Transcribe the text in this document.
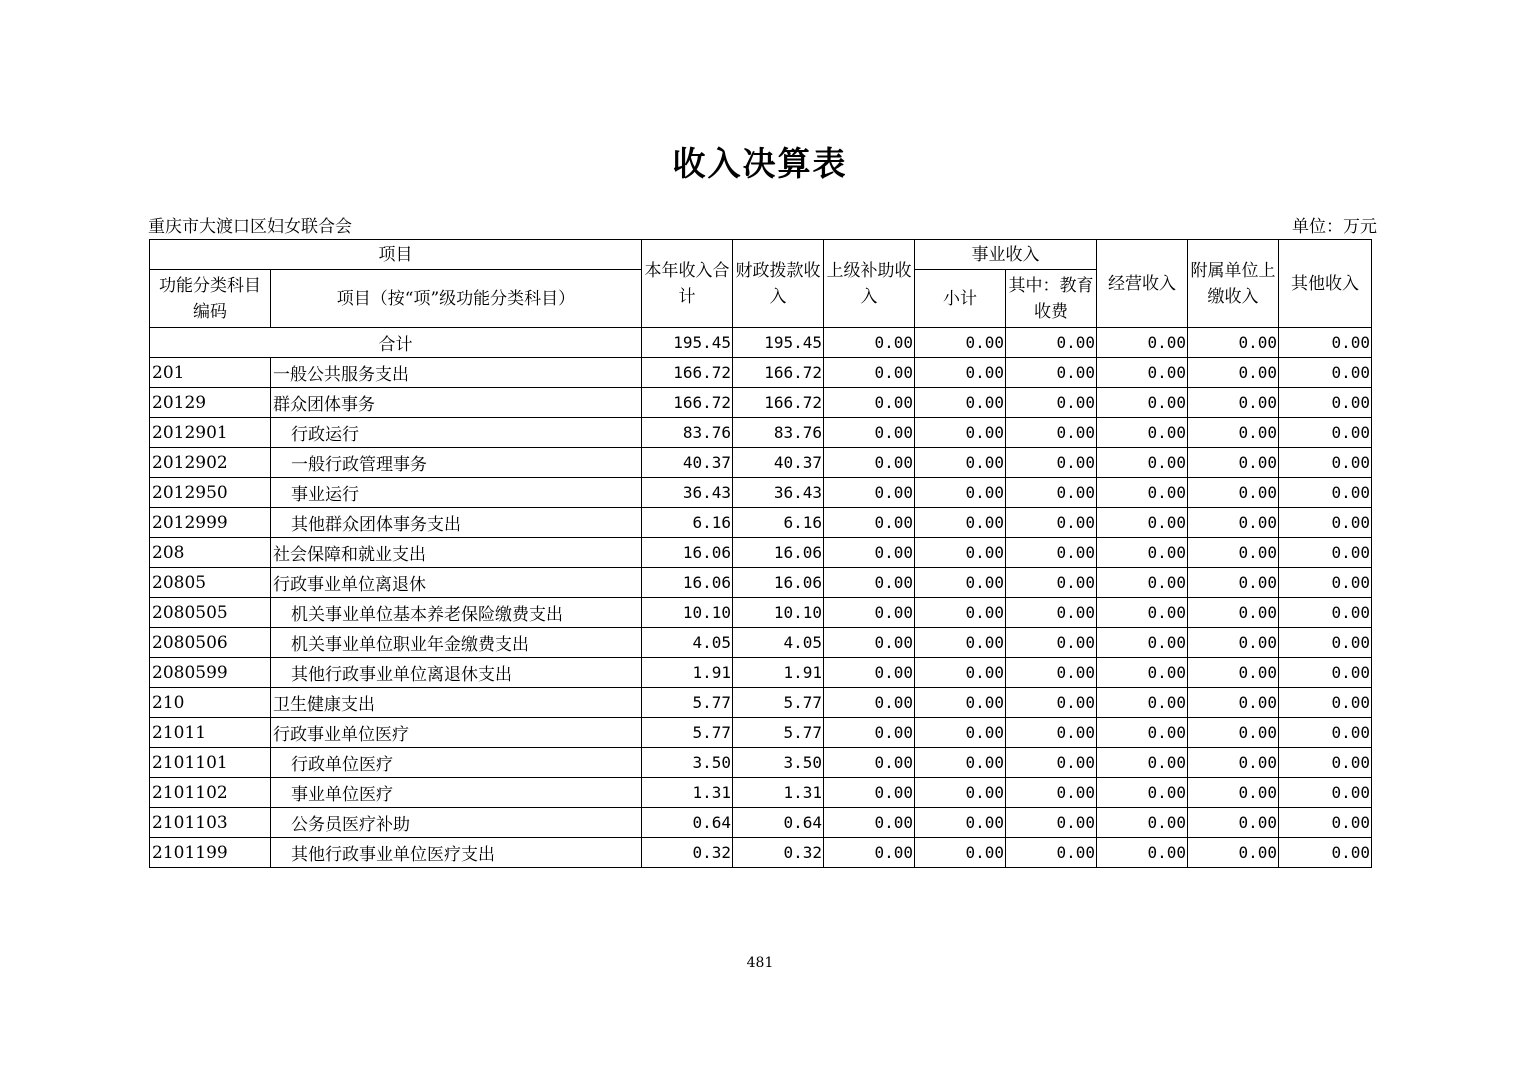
收入决算表
重庆市大渡口区妇女联合会	单位：万元
项目		本年收入合计	财政拨款收入	上级补助收入	事业收入		经营收入	附属单位上缴收入	其他收入
功能分类科目编码	项目（按“项”级功能分类科目）								
					小计	其中：教育收费			
合计		195.45	195.45	0.00	0.00	0.00	0.00	0.00	0.00
201	一般公共服务支出	166.72	166.72	0.00	0.00	0.00	0.00	0.00	0.00
20129	群众团体事务	166.72	166.72	0.00	0.00	0.00	0.00	0.00	0.00
2012901	行政运行	83.76	83.76	0.00	0.00	0.00	0.00	0.00	0.00
2012902	一般行政管理事务	40.37	40.37	0.00	0.00	0.00	0.00	0.00	0.00
2012950	事业运行	36.43	36.43	0.00	0.00	0.00	0.00	0.00	0.00
2012999	其他群众团体事务支出	6.16	6.16	0.00	0.00	0.00	0.00	0.00	0.00
208	社会保障和就业支出	16.06	16.06	0.00	0.00	0.00	0.00	0.00	0.00
20805	行政事业单位离退休	16.06	16.06	0.00	0.00	0.00	0.00	0.00	0.00
2080505	机关事业单位基本养老保险缴费支出	10.10	10.10	0.00	0.00	0.00	0.00	0.00	0.00
2080506	机关事业单位职业年金缴费支出	4.05	4.05	0.00	0.00	0.00	0.00	0.00	0.00
2080599	其他行政事业单位离退休支出	1.91	1.91	0.00	0.00	0.00	0.00	0.00	0.00
210	卫生健康支出	5.77	5.77	0.00	0.00	0.00	0.00	0.00	0.00
21011	行政事业单位医疗	5.77	5.77	0.00	0.00	0.00	0.00	0.00	0.00
2101101	行政单位医疗	3.50	3.50	0.00	0.00	0.00	0.00	0.00	0.00
2101102	事业单位医疗	1.31	1.31	0.00	0.00	0.00	0.00	0.00	0.00
2101103	公务员医疗补助	0.64	0.64	0.00	0.00	0.00	0.00	0.00	0.00
2101199	其他行政事业单位医疗支出	0.32	0.32	0.00	0.00	0.00	0.00	0.00	0.00
481
